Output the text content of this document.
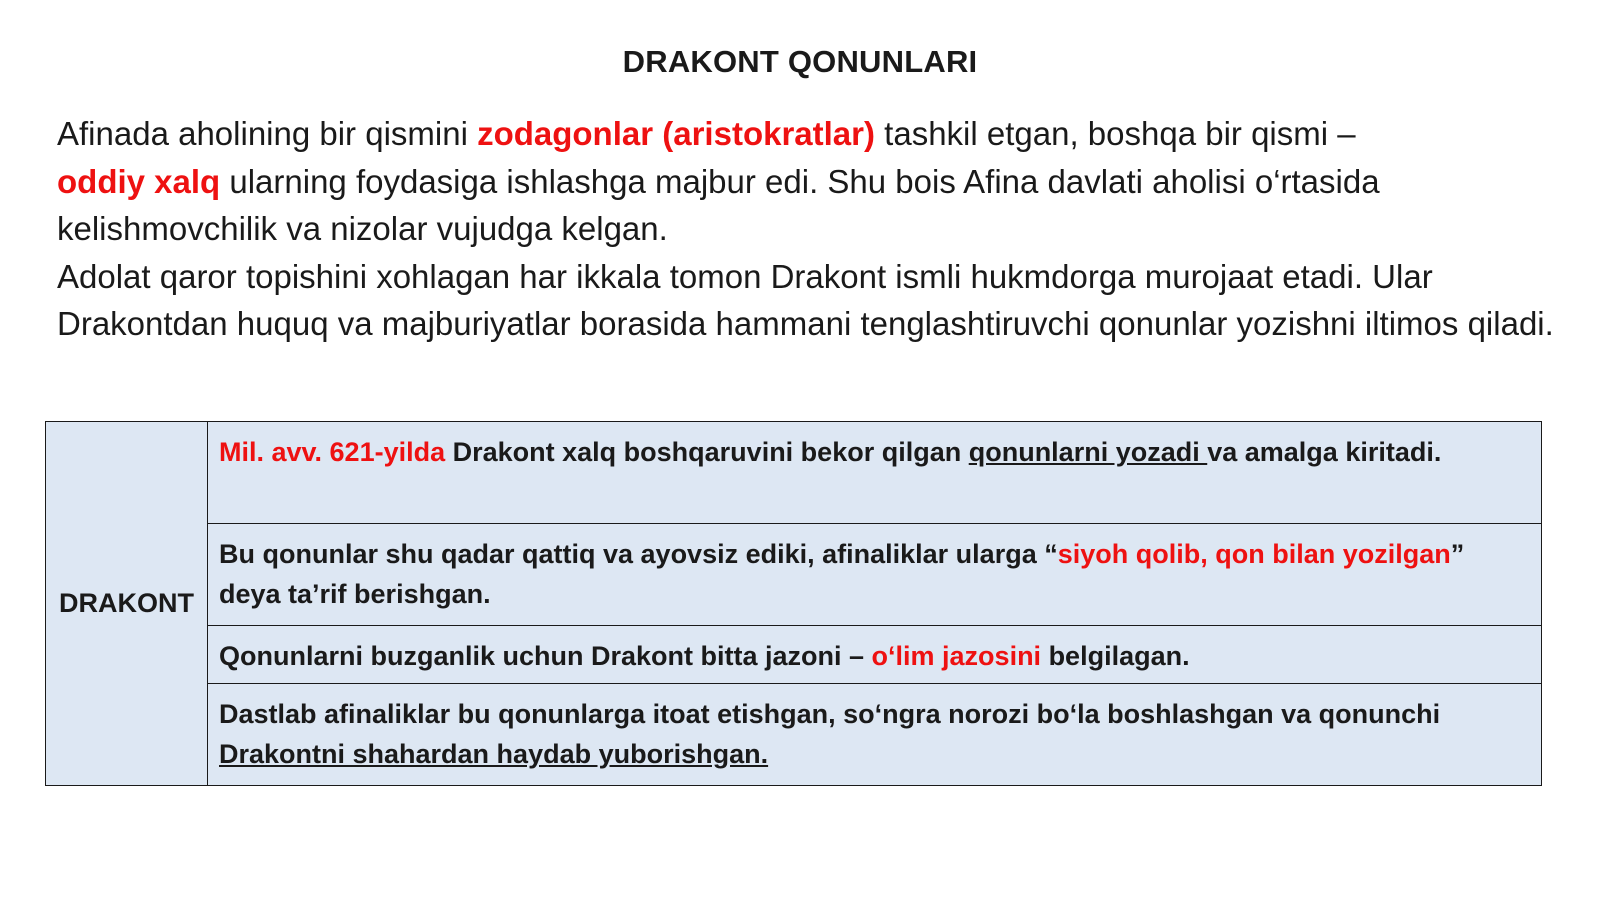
DRAKONT QONUNLARI
Afinada aholining bir qismini zodagonlar (aristokratlar) tashkil etgan, boshqa bir qismi –
oddiy xalq ularning foydasiga ishlashga majbur edi. Shu bois Afina davlati aholisi o‘rtasida kelishmovchilik va nizolar vujudga kelgan.
Adolat qaror topishini xohlagan har ikkala tomon Drakont ismli hukmdorga murojaat etadi. Ular Drakontdan huquq va majburiyatlar borasida hammani tenglashtiruvchi qonunlar yozishni iltimos qiladi.
DRAKONT
Mil. avv. 621-yilda Drakont xalq boshqaruvini bekor qilgan qonunlarni yozadi va amalga kiritadi.
Bu qonunlar shu qadar qattiq va ayovsiz ediki, afinaliklar ularga “siyoh qolib, qon bilan yozilgan” deya ta’rif berishgan.
Qonunlarni buzganlik uchun Drakont bitta jazoni – o‘lim jazosini belgilagan.
Dastlab afinaliklar bu qonunlarga itoat etishgan, so‘ngra norozi bo‘la boshlashgan va qonunchi Drakontni shahardan haydab yuborishgan.
